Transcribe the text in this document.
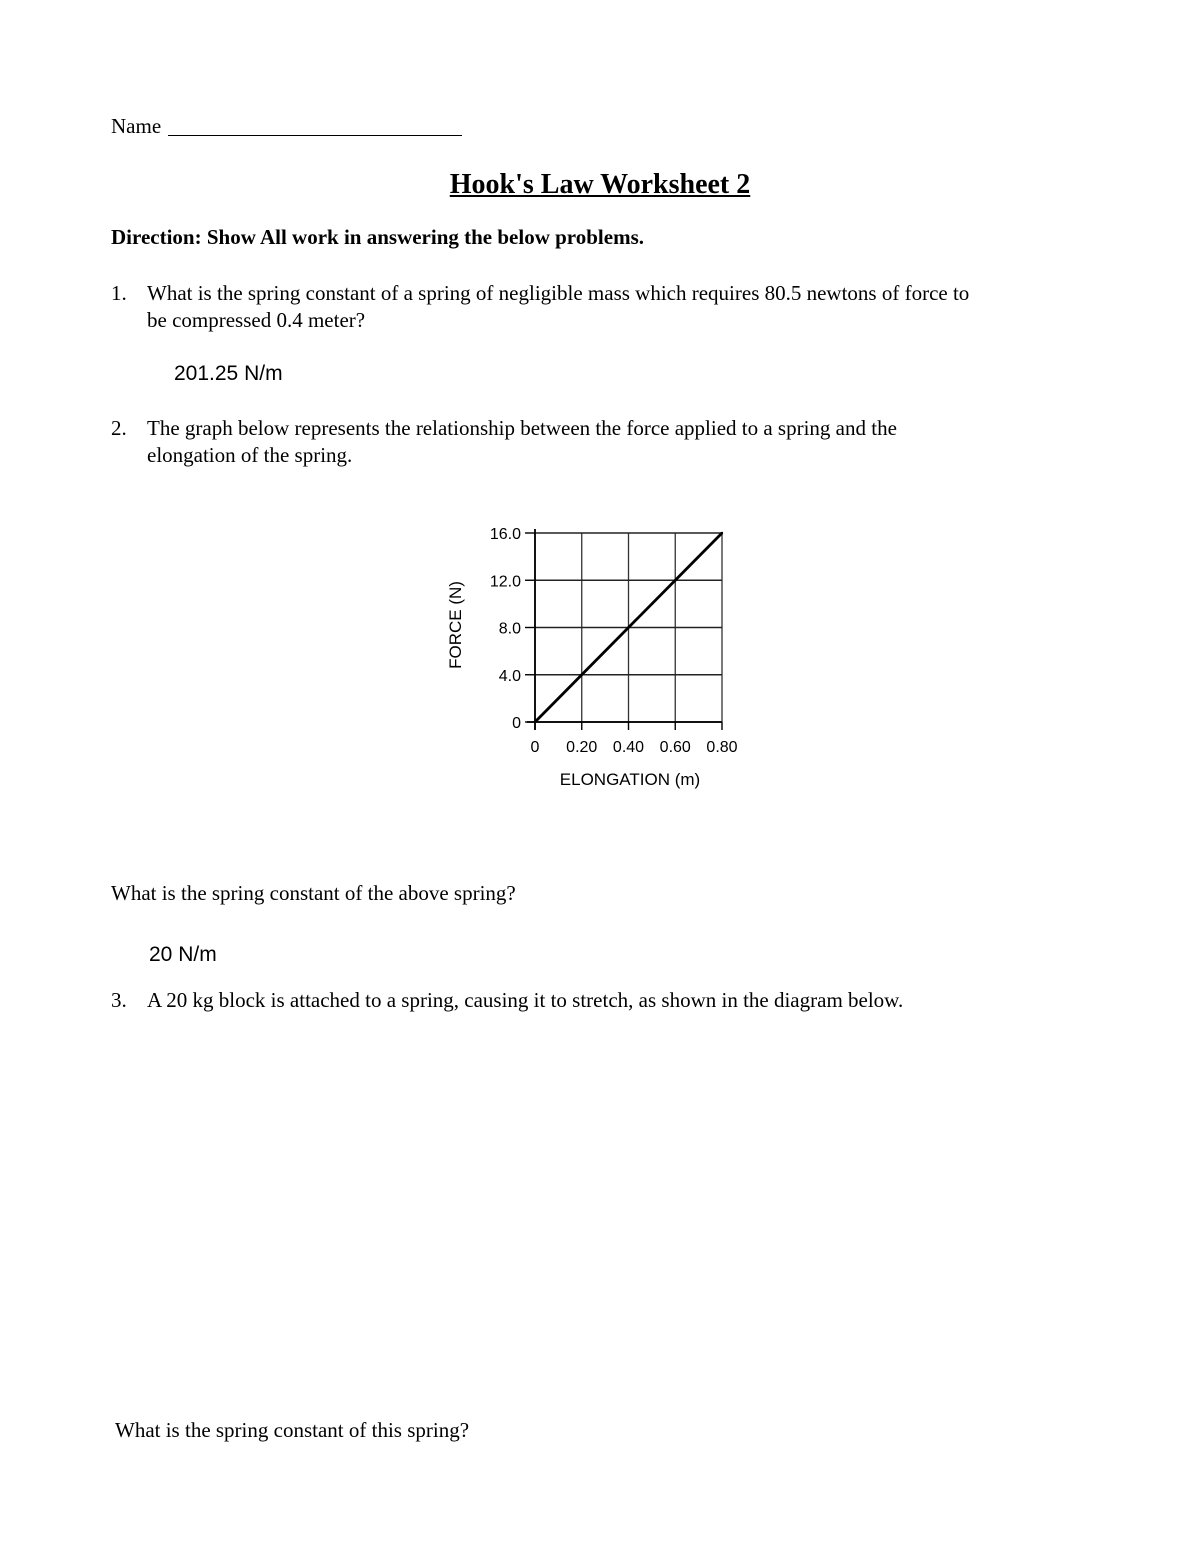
Name
Hook's Law Worksheet 2
Direction: Show All work in answering the below problems.
1. What is the spring constant of a spring of negligible mass which requires 80.5 newtons of force to
be compressed 0.4 meter?
201.25 N/m
2. The graph below represents the relationship between the force applied to a spring and the
elongation of the spring.
0
4.0
8.0
12.0
16.0
0 0.20 0.40 0.60 0.80
FORCE (N)
ELONGATION (m)
What is the spring constant of the above spring?
20 N/m
3. A 20 kg block is attached to a spring, causing it to stretch, as shown in the diagram below.
What is the spring constant of this spring?
